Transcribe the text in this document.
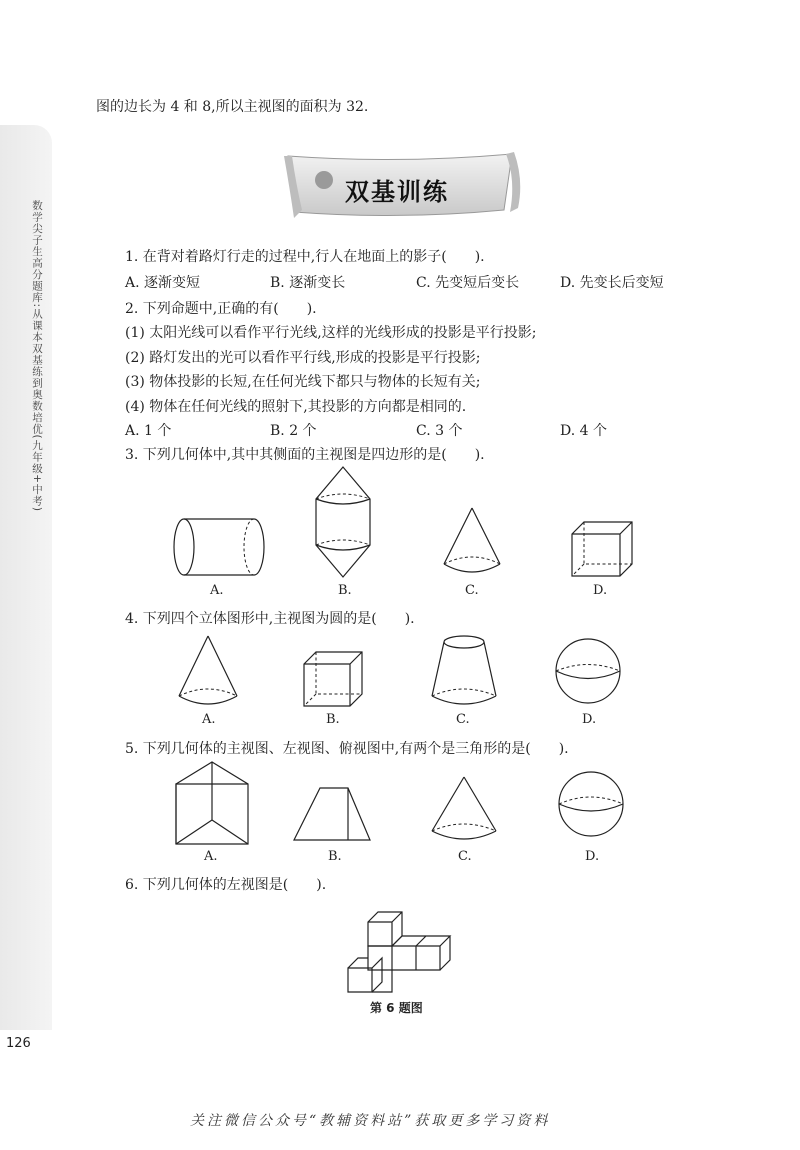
数学尖子生高分题库:从课本双基练到奥数培优(九年级+中考)
126
图的边长为 4 和 8,所以主视图的面积为 32.
双基训练
1. 在背对着路灯行走的过程中,行人在地面上的影子(　　).
A. 逐渐变短	B. 逐渐变长	C. 先变短后变长	D. 先变长后变短
2. 下列命题中,正确的有(　　).
(1) 太阳光线可以看作平行光线,这样的光线形成的投影是平行投影;
(2) 路灯发出的光可以看作平行线,形成的投影是平行投影;
(3) 物体投影的长短,在任何光线下都只与物体的长短有关;
(4) 物体在任何光线的照射下,其投影的方向都是相同的.
A. 1 个	B. 2 个	C. 3 个	D. 4 个
3. 下列几何体中,其中其侧面的主视图是四边形的是(　　).
A.	B.	C.	D.
4. 下列四个立体图形中,主视图为圆的是(　　).
A.	B.	C.	D.
5. 下列几何体的主视图、左视图、俯视图中,有两个是三角形的是(　　).
A.	B.	C.	D.
6. 下列几何体的左视图是(　　).
第 6 题图
关注微信公众号“教辅资料站”获取更多学习资料
